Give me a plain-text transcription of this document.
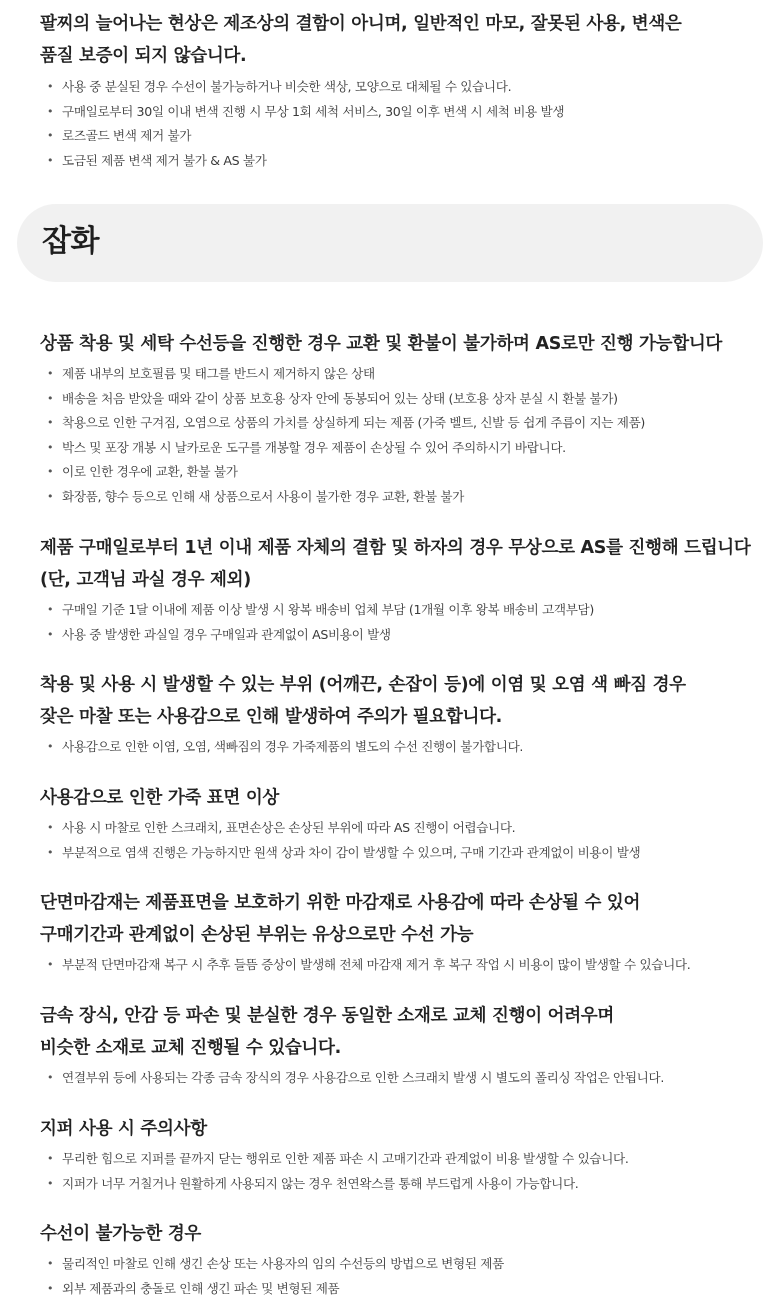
팔찌의 늘어나는 현상은 제조상의 결함이 아니며, 일반적인 마모, 잘못된 사용, 변색은
품질 보증이 되지 않습니다.
• 사용 중 분실된 경우 수선이 불가능하거나 비슷한 색상, 모양으로 대체될 수 있습니다.
• 구매일로부터 30일 이내 변색 진행 시 무상 1회 세척 서비스, 30일 이후 변색 시 세척 비용 발생
• 로즈골드 변색 제거 불가
• 도금된 제품 변색 제거 불가 & AS 불가
잡화
상품 착용 및 세탁 수선등을 진행한 경우 교환 및 환불이 불가하며 AS로만 진행 가능합니다
• 제품 내부의 보호필름 및 태그를 반드시 제거하지 않은 상태
• 배송을 처음 받았을 때와 같이 상품 보호용 상자 안에 동봉되어 있는 상태 (보호용 상자 분실 시 환불 불가)
• 착용으로 인한 구겨짐, 오염으로 상품의 가치를 상실하게 되는 제품 (가죽 벨트, 신발 등 쉽게 주름이 지는 제품)
• 박스 및 포장 개봉 시 날카로운 도구를 개봉할 경우 제품이 손상될 수 있어 주의하시기 바랍니다.
• 이로 인한 경우에 교환, 환불 불가
• 화장품, 향수 등으로 인해 새 상품으로서 사용이 불가한 경우 교환, 환불 불가
제품 구매일로부터 1년 이내 제품 자체의 결함 및 하자의 경우 무상으로 AS를 진행해 드립니다
(단, 고객님 과실 경우 제외)
• 구매일 기준 1달 이내에 제품 이상 발생 시 왕복 배송비 업체 부담 (1개월 이후 왕복 배송비 고객부담)
• 사용 중 발생한 과실일 경우 구매일과 관계없이 AS비용이 발생
착용 및 사용 시 발생할 수 있는 부위 (어깨끈, 손잡이 등)에 이염 및 오염 색 빠짐 경우
잦은 마찰 또는 사용감으로 인해 발생하여 주의가 필요합니다.
• 사용감으로 인한 이염, 오염, 색빠짐의 경우 가죽제품의 별도의 수선 진행이 불가합니다.
사용감으로 인한 가죽 표면 이상
• 사용 시 마찰로 인한 스크래치, 표면손상은 손상된 부위에 따라 AS 진행이 어렵습니다.
• 부분적으로 염색 진행은 가능하지만 원색 상과 차이 감이 발생할 수 있으며, 구매 기간과 관계없이 비용이 발생
단면마감재는 제품표면을 보호하기 위한 마감재로 사용감에 따라 손상될 수 있어
구매기간과 관계없이 손상된 부위는 유상으로만 수선 가능
• 부분적 단면마감재 복구 시 추후 들뜸 증상이 발생해 전체 마감재 제거 후 복구 작업 시 비용이 많이 발생할 수 있습니다.
금속 장식, 안감 등 파손 및 분실한 경우 동일한 소재로 교체 진행이 어려우며
비슷한 소재로 교체 진행될 수 있습니다.
• 연결부위 등에 사용되는 각종 금속 장식의 경우 사용감으로 인한 스크래치 발생 시 별도의 폴리싱 작업은 안됩니다.
지퍼 사용 시 주의사항
• 무리한 힘으로 지퍼를 끝까지 닫는 행위로 인한 제품 파손 시 고매기간과 관계없이 비용 발생할 수 있습니다.
• 지퍼가 너무 거칠거나 원활하게 사용되지 않는 경우 천연왁스를 통해 부드럽게 사용이 가능합니다.
수선이 불가능한 경우
• 물리적인 마찰로 인해 생긴 손상 또는 사용자의 임의 수선등의 방법으로 변형된 제품
• 외부 제품과의 충돌로 인해 생긴 파손 및 변형된 제품
